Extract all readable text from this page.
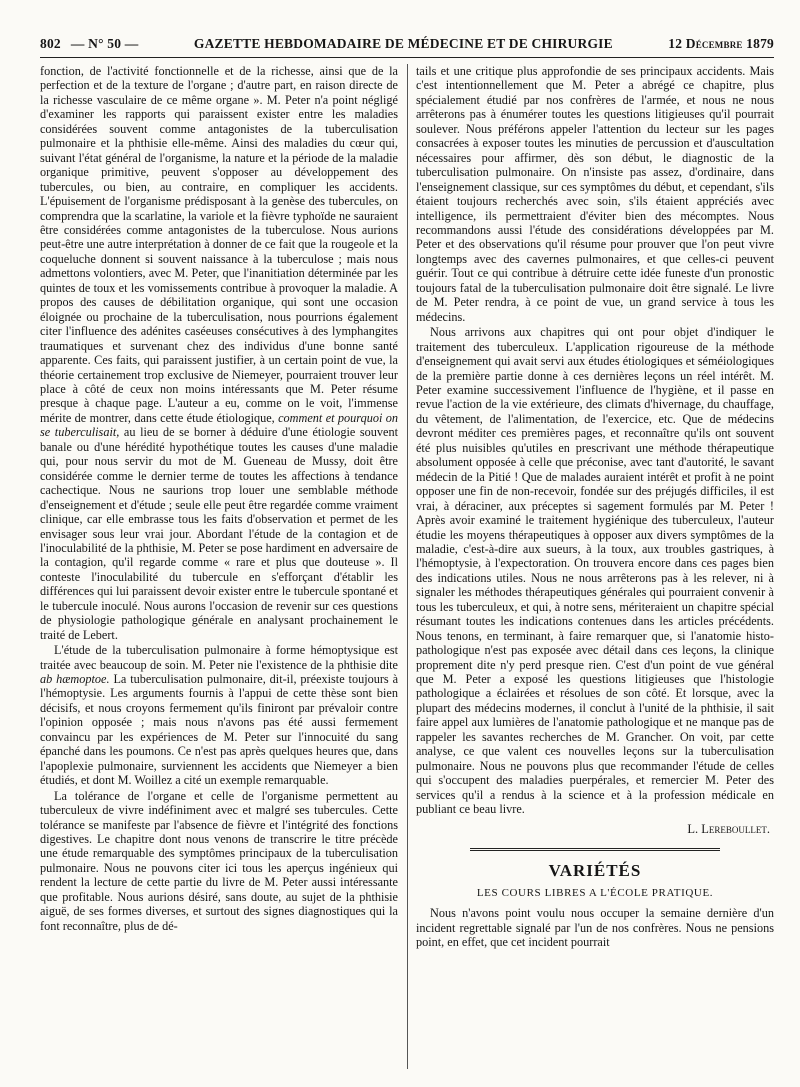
802 — N° 50 —	GAZETTE HEBDOMADAIRE DE MÉDECINE ET DE CHIRURGIE	12 Décembre 1879

fonction, de l'activité fonctionnelle et de la richesse, ainsi que de la perfection et de la texture de l'organe ; d'autre part, en raison directe de la richesse vasculaire de ce même organe ». M. Peter n'a point négligé d'examiner les rapports qui paraissent exister entre les maladies considérées souvent comme antagonistes de la tuberculisation pulmonaire et la phthisie elle-même. Ainsi des maladies du cœur qui, suivant l'état général de l'organisme, la nature et la période de la maladie organique primitive, peuvent s'opposer au développement des tubercules, ou bien, au contraire, en compliquer les accidents. L'épuisement de l'organisme prédisposant à la genèse des tubercules, on comprendra que la scarlatine, la variole et la fièvre typhoïde ne sauraient être considérées comme antagonistes de la tuberculose. Nous aurions peut-être une autre interprétation à donner de ce fait que la rougeole et la coqueluche donnent si souvent naissance à la tuberculose ; mais nous admettons volontiers, avec M. Peter, que l'inanitiation déterminée par les quintes de toux et les vomissements contribue à provoquer la maladie. A propos des causes de débilitation organique, qui sont une occasion éloignée ou prochaine de la tuberculisation, nous pourrions également citer l'influence des adénites caséeuses consécutives à des lymphangites traumatiques et survenant chez des individus d'une bonne santé apparente. Ces faits, qui paraissent justifier, à un certain point de vue, la théorie certainement trop exclusive de Niemeyer, pourraient trouver leur place à côté de ceux non moins intéressants que M. Peter résume presque à chaque page. L'auteur a eu, comme on le voit, l'immense mérite de montrer, dans cette étude étiologique, comment et pourquoi on se tuberculisait, au lieu de se borner à déduire d'une étiologie souvent banale ou d'une hérédité hypothétique toutes les causes d'une maladie qui, pour nous servir du mot de M. Gueneau de Mussy, doit être considérée comme le dernier terme de toutes les affections à tendance cachectique. Nous ne saurions trop louer une semblable méthode d'enseignement et d'étude ; seule elle peut être regardée comme vraiment clinique, car elle embrasse tous les faits d'observation et permet de les envisager sous leur vrai jour. Abordant l'étude de la contagion et de l'inoculabilité de la phthisie, M. Peter se pose hardiment en adversaire de la contagion, qu'il regarde comme « rare et plus que douteuse ». Il conteste l'inoculabilité du tubercule en s'efforçant d'établir les différences qui lui paraissent devoir exister entre le tubercule spontané et le tubercule inoculé. Nous aurons l'occasion de revenir sur ces questions de physiologie pathologique générale en analysant prochainement le traité de Lebert.

L'étude de la tuberculisation pulmonaire à forme hémoptysique est traitée avec beaucoup de soin. M. Peter nie l'existence de la phthisie dite ab hæmoptoe. La tuberculisation pulmonaire, dit-il, préexiste toujours à l'hémoptysie. Les arguments fournis à l'appui de cette thèse sont bien décisifs, et nous croyons fermement qu'ils finiront par prévaloir contre l'opinion opposée ; mais nous n'avons pas été aussi fermement convaincu par les expériences de M. Peter sur l'innocuité du sang épanché dans les poumons. Ce n'est pas après quelques heures que, dans l'apoplexie pulmonaire, surviennent les accidents que Niemeyer a bien étudiés, et dont M. Woillez a cité un exemple remarquable.

La tolérance de l'organe et celle de l'organisme permettent au tuberculeux de vivre indéfiniment avec et malgré ses tubercules. Cette tolérance se manifeste par l'absence de fièvre et l'intégrité des fonctions digestives. Le chapitre dont nous venons de transcrire le titre précède une étude remarquable des symptômes principaux de la tuberculisation pulmonaire. Nous ne pouvons citer ici tous les aperçus ingénieux qui rendent la lecture de cette partie du livre de M. Peter aussi intéressante que profitable. Nous aurions désiré, sans doute, au sujet de la phthisie aiguë, de ses formes diverses, et surtout des signes diagnostiques qui la font reconnaître, plus de dé-

tails et une critique plus approfondie de ses principaux accidents. Mais c'est intentionnellement que M. Peter a abrégé ce chapitre, plus spécialement étudié par nos confrères de l'armée, et nous ne nous arrêterons pas à énumérer toutes les questions litigieuses qu'il pourrait soulever. Nous préférons appeler l'attention du lecteur sur les pages consacrées à exposer toutes les minuties de percussion et d'auscultation nécessaires pour affirmer, dès son début, le diagnostic de la tuberculisation pulmonaire. On n'insiste pas assez, d'ordinaire, dans l'enseignement classique, sur ces symptômes du début, et cependant, s'ils étaient toujours recherchés avec soin, s'ils étaient appréciés avec intelligence, ils permettraient d'éviter bien des mécomptes. Nous recommandons aussi l'étude des considérations développées par M. Peter et des observations qu'il résume pour prouver que l'on peut vivre longtemps avec des cavernes pulmonaires, et que celles-ci peuvent guérir. Tout ce qui contribue à détruire cette idée funeste d'un pronostic toujours fatal de la tuberculisation pulmonaire doit être signalé. Le livre de M. Peter rendra, à ce point de vue, un grand service à tous les médecins.

Nous arrivons aux chapitres qui ont pour objet d'indiquer le traitement des tuberculeux. L'application rigoureuse de la méthode d'enseignement qui avait servi aux études étiologiques et séméiologiques de la première partie donne à ces dernières leçons un réel intérêt. M. Peter examine successivement l'influence de l'hygiène, et il passe en revue l'action de la vie extérieure, des climats d'hivernage, du chauffage, du vêtement, de l'alimentation, de l'exercice, etc. Que de médecins devront méditer ces premières pages, et reconnaître qu'ils ont souvent été plus nuisibles qu'utiles en prescrivant une méthode thérapeutique absolument opposée à celle que préconise, avec tant d'autorité, le savant médecin de la Pitié ! Que de malades auraient intérêt et profit à ne point opposer une fin de non-recevoir, fondée sur des préjugés difficiles, il est vrai, à déraciner, aux préceptes si sagement formulés par M. Peter ! Après avoir examiné le traitement hygiénique des tuberculeux, l'auteur étudie les moyens thérapeutiques à opposer aux divers symptômes de la maladie, c'est-à-dire aux sueurs, à la toux, aux troubles gastriques, à l'hémoptysie, à l'expectoration. On trouvera encore dans ces pages bien des indications utiles. Nous ne nous arrêterons pas à les relever, ni à signaler les méthodes thérapeutiques générales qui pourraient convenir à tous les tuberculeux, et qui, à notre sens, mériteraient un chapitre spécial résumant toutes les indications contenues dans les articles précédents. Nous tenons, en terminant, à faire remarquer que, si l'anatomie histo-pathologique n'est pas exposée avec détail dans ces leçons, la clinique proprement dite n'y perd presque rien. C'est d'un point de vue général que M. Peter a exposé les questions litigieuses que l'histologie pathologique a éclairées et résolues de son côté. Et lorsque, avec la plupart des médecins modernes, il conclut à l'unité de la phthisie, il sait faire appel aux lumières de l'anatomie pathologique et ne manque pas de rappeler les savantes recherches de M. Grancher. On voit, par cette analyse, ce que valent ces nouvelles leçons sur la tuberculisation pulmonaire. Nous ne pouvons plus que recommander l'étude de celles qui s'occupent des maladies puerpérales, et remercier M. Peter des services qu'il a rendus à la science et à la profession médicale en publiant ce beau livre.

L. Lereboullet.
VARIÉTÉS
LES COURS LIBRES A L'ÉCOLE PRATIQUE.

Nous n'avons point voulu nous occuper la semaine dernière d'un incident regrettable signalé par l'un de nos confrères. Nous ne pensions point, en effet, que cet incident pourrait
